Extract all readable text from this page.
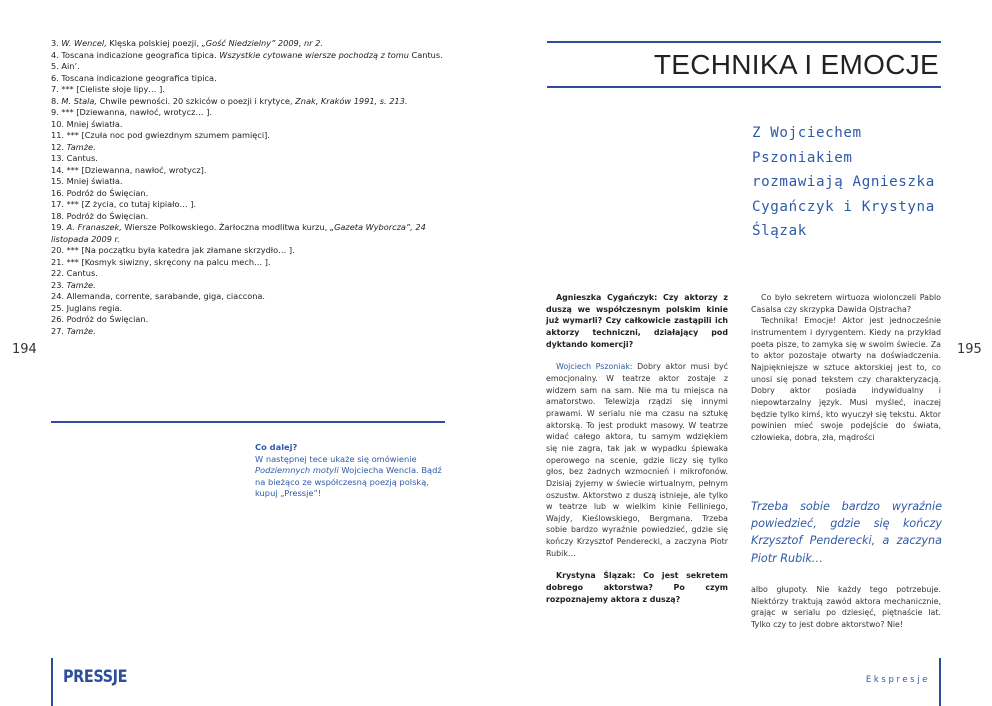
3. W. Wencel, Klęska polskiej poezji, „Gość Niedzielny” 2009, nr 2.
4. Toscana indicazione geografica tipica. Wszystkie cytowane wiersze pochodzą z tomu Cantus.
5. Ain’.
6. Toscana indicazione geografica tipica.
7. *** [Cieliste słoje lipy… ].
8. M. Stala, Chwile pewności. 20 szkiców o poezji i krytyce, Znak, Kraków 1991, s. 213.
9. *** [Dziewanna, nawłoć, wrotycz… ].
10. Mniej światła.
11. *** [Czuła noc pod gwiezdnym szumem pamięci].
12. Tamże.
13. Cantus.
14. *** [Dziewanna, nawłoć, wrotycz].
15. Mniej światła.
16. Podróż do Święcian.
17. *** [Z życia, co tutaj kipiało… ].
18. Podróż do Święcian.
19. A. Franaszek, Wiersze Polkowskiego. Żarłoczna modlitwa kurzu, „Gazeta Wyborcza”, 24 listopada 2009 r.
20. *** [Na początku była katedra jak złamane skrzydło… ].
21. *** [Kosmyk siwizny, skręcony na palcu mech… ].
22. Cantus.
23. Tamże.
24. Allemanda, corrente, sarabande, giga, ciaccona.
25. Juglans regia.
26. Podróż do Święcian.
27. Tamże.
194
Co dalej?
W następnej tece ukaże się omówienie Podziemnych motyli Wojciecha Wencla. Bądź na bieżąco ze współczesną poezją polską, kupuj „Pressje”!
PRESSJE
TECHNIKA I EMOCJE
Z Wojciechem Pszoniakiem rozmawiają Agnieszka Cygańczyk i Krystyna Ślązak

Agnieszka Cygańczyk: Czy aktorzy z duszą we współczesnym polskim kinie już wymarli? Czy całkowicie zastąpili ich aktorzy techniczni, działający pod dyktando komercji?

Wojciech Pszoniak: Dobry aktor musi być emocjonalny. W teatrze aktor zostaje z widzem sam na sam. Nie ma tu miejsca na amatorstwo. Telewizja rządzi się innymi prawami. W serialu nie ma czasu na sztukę aktorską. To jest produkt masowy. W teatrze widać całego aktora, tu samym wdziękiem się nie zagra, tak jak w wypadku śpiewaka operowego na scenie, gdzie liczy się tylko głos, bez żadnych wzmocnień i mikrofonów. Dzisiaj żyjemy w świecie wirtualnym, pełnym oszustw. Aktorstwo z duszą istnieje, ale tylko w teatrze lub w wielkim kinie Felliniego, Wajdy, Kieślowskiego, Bergmana. Trzeba sobie bardzo wyraźnie powiedzieć, gdzie się kończy Krzysztof Penderecki, a zaczyna Piotr Rubik…

Krystyna Ślązak: Co jest sekretem dobrego aktorstwa? Po czym rozpoznajemy aktora z duszą?

Co było sekretem wirtuoza wiolonczeli Pablo Casalsa czy skrzypka Dawida Ojstracha?

Technika! Emocje! Aktor jest jednocześnie instrumentem i dyrygentem. Kiedy na przykład poeta pisze, to zamyka się w swoim świecie. Za to aktor pozostaje otwarty na doświadczenia. Najpiękniejsze w sztuce aktorskiej jest to, co unosi się ponad tekstem czy charakteryzacją. Dobry aktor posiada indywidualny i niepowtarzalny język. Musi myśleć, inaczej będzie tylko kimś, kto wyuczył się tekstu. Aktor powinien mieć swoje podejście do świata, człowieka, dobra, zła, mądrości

Trzeba sobie bardzo wyraźnie powiedzieć, gdzie się kończy Krzysztof Penderecki, a zaczyna Piotr Rubik…

albo głupoty. Nie każdy tego potrzebuje. Niektórzy traktują zawód aktora mechanicznie, grając w serialu po dziesięć, piętnaście lat. Tylko czy to jest dobre aktorstwo? Nie!

195
Ekspresje
